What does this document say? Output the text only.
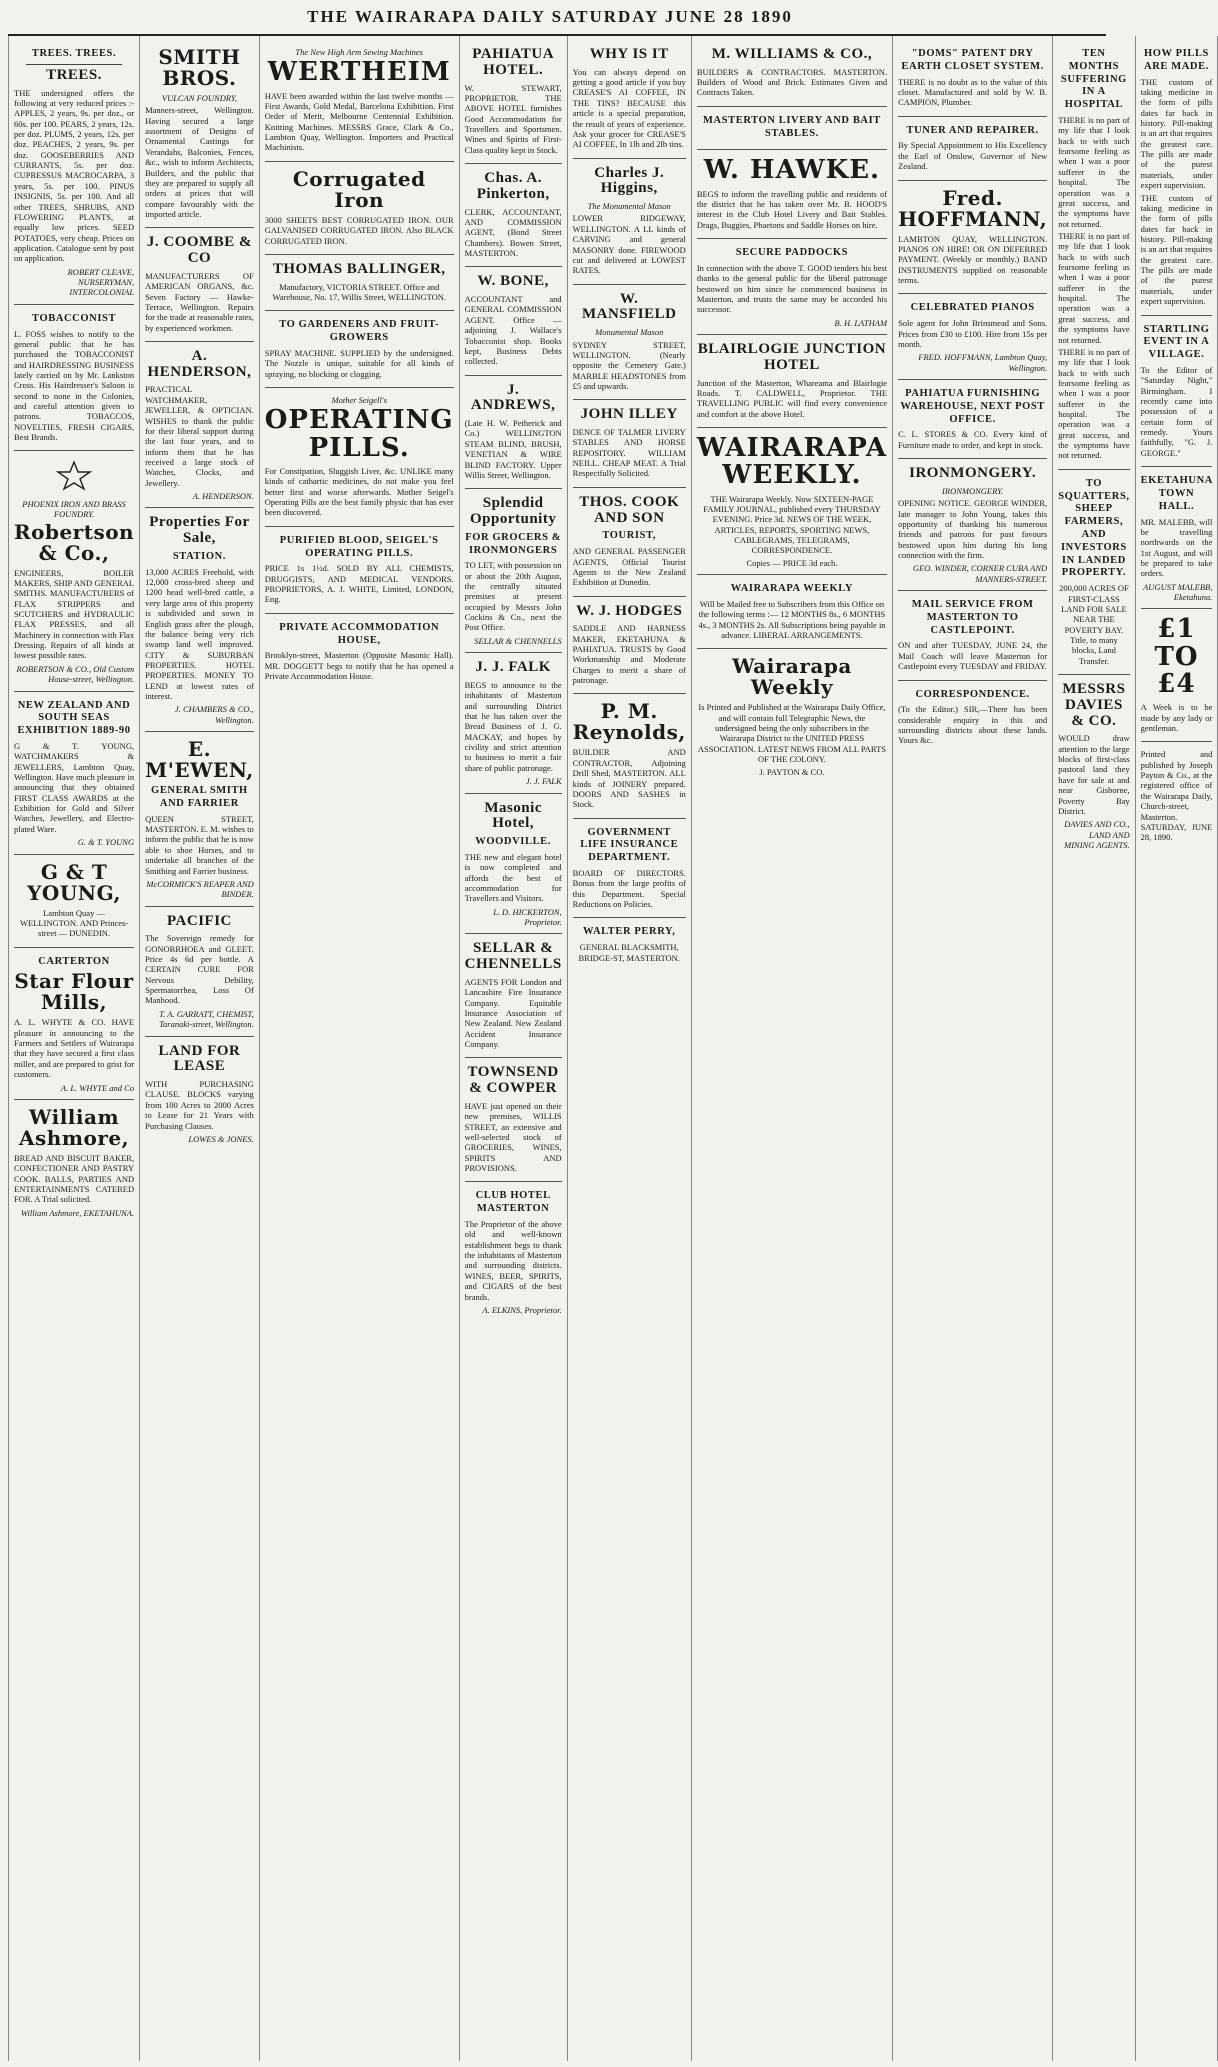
THE WAIRARAPA DAILY SATURDAY JUNE 28 1890
TREES. TREES.
TREES.

THE undersigned offers the following at very reduced prices :- APPLES, 2 years, 9s. per doz., or 60s. per 100. PEARS, 2 years, 12s. per doz. PLUMS, 2 years, 12s. per doz. PEACHES, 2 years, 9s. per doz. GOOSEBERRIES AND CURRANTS, 5s. per doz. CUPRESSUS MACROCARPA, 3 years, 5s. per 100. PINUS INSIGNIS, 5s. per 100. And all other TREES, SHRUBS, AND FLOWERING PLANTS, at equally low prices. SEED POTATOES, very cheap. Prices on application. Catalogue sent by post on application.

ROBERT CLEAVE, NURSERYMAN, INTERCOLONIAL
TOBACCONIST

L. FOSS wishes to notify to the general public that he has purchased the TOBACCONIST and HAIRDRESSING BUSINESS lately carried on by Mr. Lankston Cross. His Hairdresser's Saloon is second to none in the Colonies, and careful attention given to patrons. TOBACCOS, NOVELTIES, FRESH CIGARS, Best Brands.

PHOENIX IRON AND BRASS FOUNDRY.
Robertson & Co.,

ENGINEERS, BOILER MAKERS, SHIP AND GENERAL SMITHS. MANUFACTURERS of FLAX STRIPPERS and SCUTCHERS and HYDRAULIC FLAX PRESSES, and all Machinery in connection with Flax Dressing. Repairs of all kinds at lowest possible rates.

ROBERTSON & CO., Old Custom House-street, Wellington.
NEW ZEALAND AND SOUTH SEAS EXHIBITION 1889-90

G & T. YOUNG, WATCHMAKERS & JEWELLERS, Lambton Quay, Wellington. Have much pleasure in announcing that they obtained FIRST CLASS AWARDS at the Exhibition for Gold and Silver Watches, Jewellery, and Electro-plated Ware.

G. & T. YOUNG
G & T YOUNG,

Lambton Quay — WELLINGTON. AND Princes-street — DUNEDIN.

CARTERTON
Star Flour Mills,

A. L. WHYTE & CO. HAVE pleasure in announcing to the Farmers and Settlers of Wairarapa that they have secured a first class miller, and are prepared to grist for customers.

A. L. WHYTE and Co
William Ashmore,

BREAD AND BISCUIT BAKER, CONFECTIONER AND PASTRY COOK. BALLS, PARTIES AND ENTERTAINMENTS CATERED FOR. A Trial solicited.

William Ashmore, EKETAHUNA.
SMITH BROS.
VULCAN FOUNDRY,

Manners-street, Wellington. Having secured a large assortment of Designs of Ornamental Castings for Verandahs, Balconies, Fences, &c., wish to inform Architects, Builders, and the public that they are prepared to supply all orders at prices that will compare favourably with the imported article.

J. COOMBE & CO

MANUFACTURERS OF AMERICAN ORGANS, &c. Seven Factory — Hawke-Terrace, Wellington. Repairs for the trade at reasonable rates, by experienced workmen.

A. HENDERSON,

PRACTICAL WATCHMAKER, JEWELLER, & OPTICIAN. WISHES to thank the public for their liberal support during the last four years, and to inform them that he has received a large stock of Watches, Clocks, and Jewellery.

A. HENDERSON.
Properties For Sale,
STATION.

13,000 ACRES Freehold, with 12,000 cross-bred sheep and 1200 head well-bred cattle, a very large area of this property is subdivided and sown in English grass after the plough, the balance being very rich swamp land well improved. CITY & SUBURBAN PROPERTIES. HOTEL PROPERTIES. MONEY TO LEND at lowest rates of interest.

J. CHAMBERS & CO., Wellington.
E. M'EWEN,
GENERAL SMITH AND FARRIER

QUEEN STREET, MASTERTON. E. M. wishes to inform the public that he is now able to shoe Horses, and to undertake all branches of the Smithing and Farrier business.

McCORMICK'S REAPER AND BINDER.
PACIFIC

The Sovereign remedy for GONORRHOEA and GLEET. Price 4s 6d per bottle. A CERTAIN CURE FOR Nervous Debility, Spermatorrhea, Loss Of Manhood.

T. A. GARRATT, CHEMIST, Taranaki-street, Wellington.
LAND FOR LEASE

WITH PURCHASING CLAUSE. BLOCKS varying from 100 Acres to 2000 Acres to Lease for 21 Years with Purchasing Clauses.

LOWES & JONES.
The New High Arm Sewing Machines
WERTHEIM

HAVE been awarded within the last twelve months — First Awards, Gold Medal, Barcelona Exhibition. First Order of Merit, Melbourne Centennial Exhibition. Knitting Machines. MESSRS Grace, Clark & Co., Lambton Quay, Wellington. Importers and Practical Machinists.

Corrugated Iron

3000 SHEETS BEST CORRUGATED IRON. OUR GALVANISED CORRUGATED IRON. Also BLACK CORRUGATED IRON.

THOMAS BALLINGER,

Manufactory, VICTORIA STREET. Office and Warehouse, No. 17, Willis Street, WELLINGTON.

TO GARDENERS AND FRUIT-GROWERS

SPRAY MACHINE. SUPPLIED by the undersigned. The Nozzle is unique, suitable for all kinds of spraying, no blocking or clogging.

Mother Seigell's
OPERATING PILLS.

For Constipation, Sluggish Liver, &c. UNLIKE many kinds of cathartic medicines, do not make you feel better first and worse afterwards. Mother Seigel's Operating Pills are the best family physic that has ever been discovered.

PURIFIED BLOOD, SEIGEL'S OPERATING PILLS.

PRICE 1s 1½d. SOLD BY ALL CHEMISTS, DRUGGISTS, AND MEDICAL VENDORS. PROPRIETORS, A. J. WHITE, Limited, LONDON, Eng.

PRIVATE ACCOMMODATION HOUSE,

Brooklyn-street, Masterton (Opposite Masonic Hall). MR. DOGGETT begs to notify that he has opened a Private Accommodation House.

PAHIATUA HOTEL.

W. STEWART, PROPRIETOR. THE ABOVE HOTEL furnishes Good Accommodation for Travellers and Sportsmen. Wines and Spirits of First-Class quality kept in Stock.

Chas. A. Pinkerton,

CLERK, ACCOUNTANT, AND COMMISSION AGENT, (Bond Street Chambers). Bowen Street, MASTERTON.

W. BONE,

ACCOUNTANT and GENERAL COMMISSION AGENT. Office — adjoining J. Wallace's Tobacconist shop. Books kept, Business Debts collected.

J. ANDREWS,

(Late H. W. Petherick and Co.) WELLINGTON STEAM BLIND, BRUSH, VENETIAN & WIRE BLIND FACTORY. Upper Willis Street, Wellington.

Splendid Opportunity
FOR GROCERS & IRONMONGERS

TO LET, with possession on or about the 20th August, the centrally situated premises at present occupied by Messrs John Cockins & Co., next the Post Office.

SELLAR & CHENNELLS
J. J. FALK

BEGS to announce to the inhabitants of Masterton and surrounding District that he has taken over the Bread Business of J. G. MACKAY, and hopes by civility and strict attention to business to merit a fair share of public patronage.

J. J. FALK
Masonic Hotel,
WOODVILLE.

THE new and elegant hotel is now completed and affords the best of accommodation for Travellers and Visitors.

L. D. HICKERTON, Proprietor.
SELLAR & CHENNELLS

AGENTS FOR London and Lancashire Fire Insurance Company. Equitable Insurance Association of New Zealand. New Zealand Accident Insurance Company.

TOWNSEND & COWPER

HAVE just opened on their new premises, WILLIS STREET, an extensive and well-selected stock of GROCERIES, WINES, SPIRITS AND PROVISIONS.

CLUB HOTEL MASTERTON

The Proprietor of the above old and well-known establishment begs to thank the inhabitants of Masterton and surrounding districts. WINES, BEER, SPIRITS, and CIGARS of the best brands.

A. ELKINS, Proprietor.
WHY IS IT

You can always depend on getting a good article if you buy CREASE'S AI COFFEE, IN THE TINS? BECAUSE this article is a special preparation, the result of years of experience. Ask your grocer for CREASE'S AI COFFEE, In 1lb and 2lb tins.

Charles J. Higgins,
The Monumental Mason

LOWER RIDGEWAY, WELLINGTON. A LL kinds of CARVING and general MASONRY done. FIREWOOD cut and delivered at LOWEST RATES.

W. MANSFIELD
Monumental Mason

SYDNEY STREET, WELLINGTON. (Nearly opposite the Cemetery Gate.) MARBLE HEADSTONES from £5 and upwards.

JOHN ILLEY

DENCE OF TALMER LIVERY STABLES AND HORSE REPOSITORY. WILLIAM NEILL. CHEAP MEAT. A Trial Respectfully Solicited.

THOS. COOK AND SON
TOURIST,

AND GENERAL PASSENGER AGENTS, Official Tourist Agents to the New Zealand Exhibition at Dunedin.

W. J. HODGES

SADDLE AND HARNESS MAKER, EKETAHUNA & PAHIATUA. TRUSTS by Good Workmanship and Moderate Charges to merit a share of patronage.

P. M. Reynolds,

BUILDER AND CONTRACTOR, Adjoining Drill Shed, MASTERTON. ALL kinds of JOINERY prepared. DOORS AND SASHES in Stock.

GOVERNMENT LIFE INSURANCE DEPARTMENT.

BOARD OF DIRECTORS. Bonus from the large profits of this Department. Special Reductions on Policies.

WALTER PERRY,

GENERAL BLACKSMITH, BRIDGE-ST, MASTERTON.

M. WILLIAMS & CO.,

BUILDERS & CONTRACTORS. MASTERTON. Builders of Wood and Brick. Estimates Given and Contracts Taken.

MASTERTON LIVERY AND BAIT STABLES.
W. HAWKE.

BEGS to inform the travelling public and residents of the district that he has taken over Mr. B. HOOD'S interest in the Club Hotel Livery and Bait Stables. Drags, Buggies, Phaetons and Saddle Horses on hire.

SECURE PADDOCKS

In connection with the above T. GOOD tenders his best thanks to the general public for the liberal patronage bestowed on him since he commenced business in Masterton, and trusts the same may be accorded his successor.

B. H. LATHAM
BLAIRLOGIE JUNCTION HOTEL

Junction of the Masterton, Whareama and Blairlogie Roads. T. CALDWELL, Proprietor. THE TRAVELLING PUBLIC will find every convenience and comfort at the above Hotel.

WAIRARAPA WEEKLY.

THE Wairarapa Weekly. Now SIXTEEN-PAGE FAMILY JOURNAL, published every THURSDAY EVENING. Price 3d. NEWS OF THE WEEK, ARTICLES, REPORTS, SPORTING NEWS, CABLEGRAMS, TELEGRAMS, CORRESPONDENCE.

Copies — PRICE 3d each.
WAIRARAPA WEEKLY

Will be Mailed free to Subscribers from this Office on the following terms :— 12 MONTHS 8s., 6 MONTHS 4s., 3 MONTHS 2s. All Subscriptions being payable in advance. LIBERAL ARRANGEMENTS.

Wairarapa Weekly

Is Printed and Published at the Wairarapa Daily Office, and will contain full Telegraphic News, the undersigned being the only subscribers in the Wairarapa District to the UNITED PRESS ASSOCIATION. LATEST NEWS FROM ALL PARTS OF THE COLONY.

J. PAYTON & CO.
"DOMS" PATENT DRY EARTH CLOSET SYSTEM.

THERE is no doubt as to the value of this closet. Manufactured and sold by W. B. CAMPION, Plumber.

TUNER AND REPAIRER.

By Special Appointment to His Excellency the Earl of Onslow, Governor of New Zealand.

Fred. HOFFMANN,

LAMBTON QUAY, WELLINGTON. PIANOS ON HIRE! OR ON DEFERRED PAYMENT. (Weekly or monthly.) BAND INSTRUMENTS supplied on reasonable terms.

CELEBRATED PIANOS

Sole agent for John Brinsmead and Sons. Prices from £30 to £100. Hire from 15s per month.

FRED. HOFFMANN, Lambton Quay, Wellington.
PAHIATUA FURNISHING WAREHOUSE, NEXT POST OFFICE.

C. L. STORES & CO. Every kind of Furniture made to order, and kept in stock.

IRONMONGERY.
IRONMONGERY.

OPENING NOTICE. GEORGE WINDER, late manager to John Young, takes this opportunity of thanking his numerous friends and patrons for past favours bestowed upon him during his long connection with the firm.

GEO. WINDER, CORNER CUBA AND MANNERS-STREET.
MAIL SERVICE FROM MASTERTON TO CASTLEPOINT.

ON and after TUESDAY, JUNE 24, the Mail Coach will leave Masterton for Castlepoint every TUESDAY and FRIDAY.

CORRESPONDENCE.

(To the Editor.) SIR,—There has been considerable enquiry in this and surrounding districts about these lands. Yours &c.

TEN MONTHS SUFFERING IN A HOSPITAL

THERE is no part of my life that I look back to with such fearsome feeling as when I was a poor sufferer in the hospital. The operation was a great success, and the symptoms have not returned.

THERE is no part of my life that I look back to with such fearsome feeling as when I was a poor sufferer in the hospital. The operation was a great success, and the symptoms have not returned.

THERE is no part of my life that I look back to with such fearsome feeling as when I was a poor sufferer in the hospital. The operation was a great success, and the symptoms have not returned.

TO SQUATTERS, SHEEP FARMERS, AND INVESTORS IN LANDED PROPERTY.

200,000 ACRES OF FIRST-CLASS LAND FOR SALE NEAR THE POVERTY BAY. Title, to many blocks, Land Transfer.

MESSRS DAVIES & CO.

WOULD draw attention to the large blocks of first-class pastoral land they have for sale at and near Gisborne, Poverty Bay District.

DAVIES AND CO., LAND AND MINING AGENTS.
HOW PILLS ARE MADE.

THE custom of taking medicine in the form of pills dates far back in history. Pill-making is an art that requires the greatest care. The pills are made of the purest materials, under expert supervision.

THE custom of taking medicine in the form of pills dates far back in history. Pill-making is an art that requires the greatest care. The pills are made of the purest materials, under expert supervision.

STARTLING EVENT IN A VILLAGE.

To the Editor of "Saturday Night," Birmingham. I recently came into possession of a certain form of remedy. Yours faithfully, "G. J. GEORGE."

EKETAHUNA TOWN HALL.

MR. MALEBB, will be travelling northwards on the 1st August, and will be prepared to take orders.

AUGUST MALEBB, Eketahuna.
£1 TO £4

A Week is to be made by any lady or gentleman.

Printed and published by Joseph Payton & Co., at the registered office of the Wairarapa Daily, Church-street, Masterton. SATURDAY, JUNE 28, 1890.
